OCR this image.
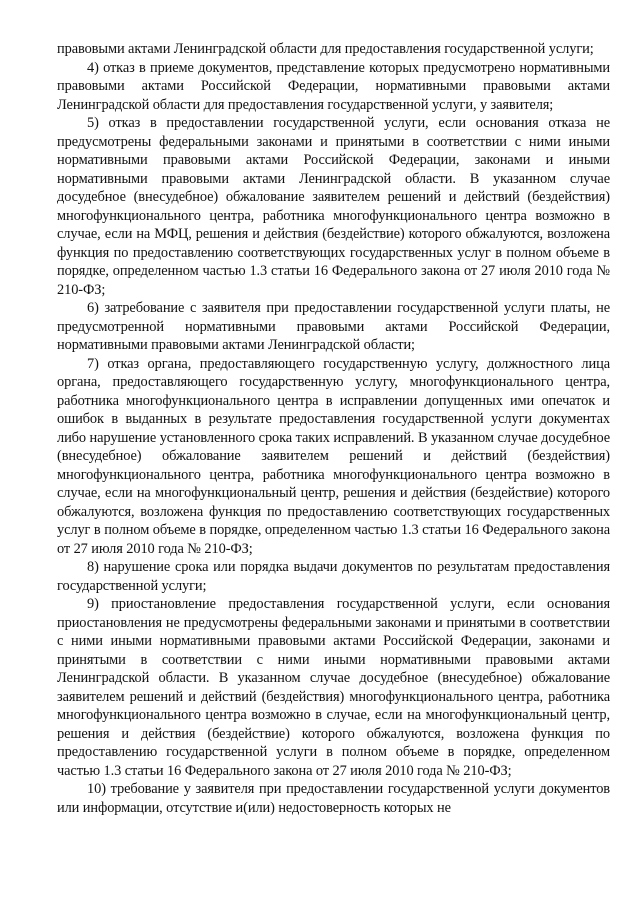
правовыми актами Ленинградской области для предоставления государственной услуги;

4) отказ в приеме документов, представление которых предусмотрено нормативными правовыми актами Российской Федерации, нормативными правовыми актами Ленинградской области для предоставления государственной услуги, у заявителя;

5) отказ в предоставлении государственной услуги, если основания отказа не предусмотрены федеральными законами и принятыми в соответствии с ними иными нормативными правовыми актами Российской Федерации, законами и иными нормативными правовыми актами Ленинградской области. В указанном случае досудебное (внесудебное) обжалование заявителем решений и действий (бездействия) многофункционального центра, работника многофункционального центра возможно в случае, если на МФЦ, решения и действия (бездействие) которого обжалуются, возложена функция по предоставлению соответствующих государственных услуг в полном объеме в порядке, определенном частью 1.3 статьи 16 Федерального закона от 27 июля 2010 года № 210-ФЗ;

6) затребование с заявителя при предоставлении государственной услуги платы, не предусмотренной нормативными правовыми актами Российской Федерации, нормативными правовыми актами Ленинградской области;

7) отказ органа, предоставляющего государственную услугу, должностного лица органа, предоставляющего государственную услугу, многофункционального центра, работника многофункционального центра в исправлении допущенных ими опечаток и ошибок в выданных в результате предоставления государственной услуги документах либо нарушение установленного срока таких исправлений. В указанном случае досудебное (внесудебное) обжалование заявителем решений и действий (бездействия) многофункционального центра, работника многофункционального центра возможно в случае, если на многофункциональный центр, решения и действия (бездействие) которого обжалуются, возложена функция по предоставлению соответствующих государственных услуг в полном объеме в порядке, определенном частью 1.3 статьи 16 Федерального закона от 27 июля 2010 года № 210-ФЗ;

8) нарушение срока или порядка выдачи документов по результатам предоставления государственной услуги;

9) приостановление предоставления государственной услуги, если основания приостановления не предусмотрены федеральными законами и принятыми в соответствии с ними иными нормативными правовыми актами Российской Федерации, законами и принятыми в соответствии с ними иными нормативными правовыми актами Ленинградской области. В указанном случае досудебное (внесудебное) обжалование заявителем решений и действий (бездействия) многофункционального центра, работника многофункционального центра возможно в случае, если на многофункциональный центр, решения и действия (бездействие) которого обжалуются, возложена функция по предоставлению государственной услуги в полном объеме в порядке, определенном частью 1.3 статьи 16 Федерального закона от 27 июля 2010 года № 210-ФЗ;

10) требование у заявителя при предоставлении государственной услуги документов или информации, отсутствие и(или) недостоверность которых не
